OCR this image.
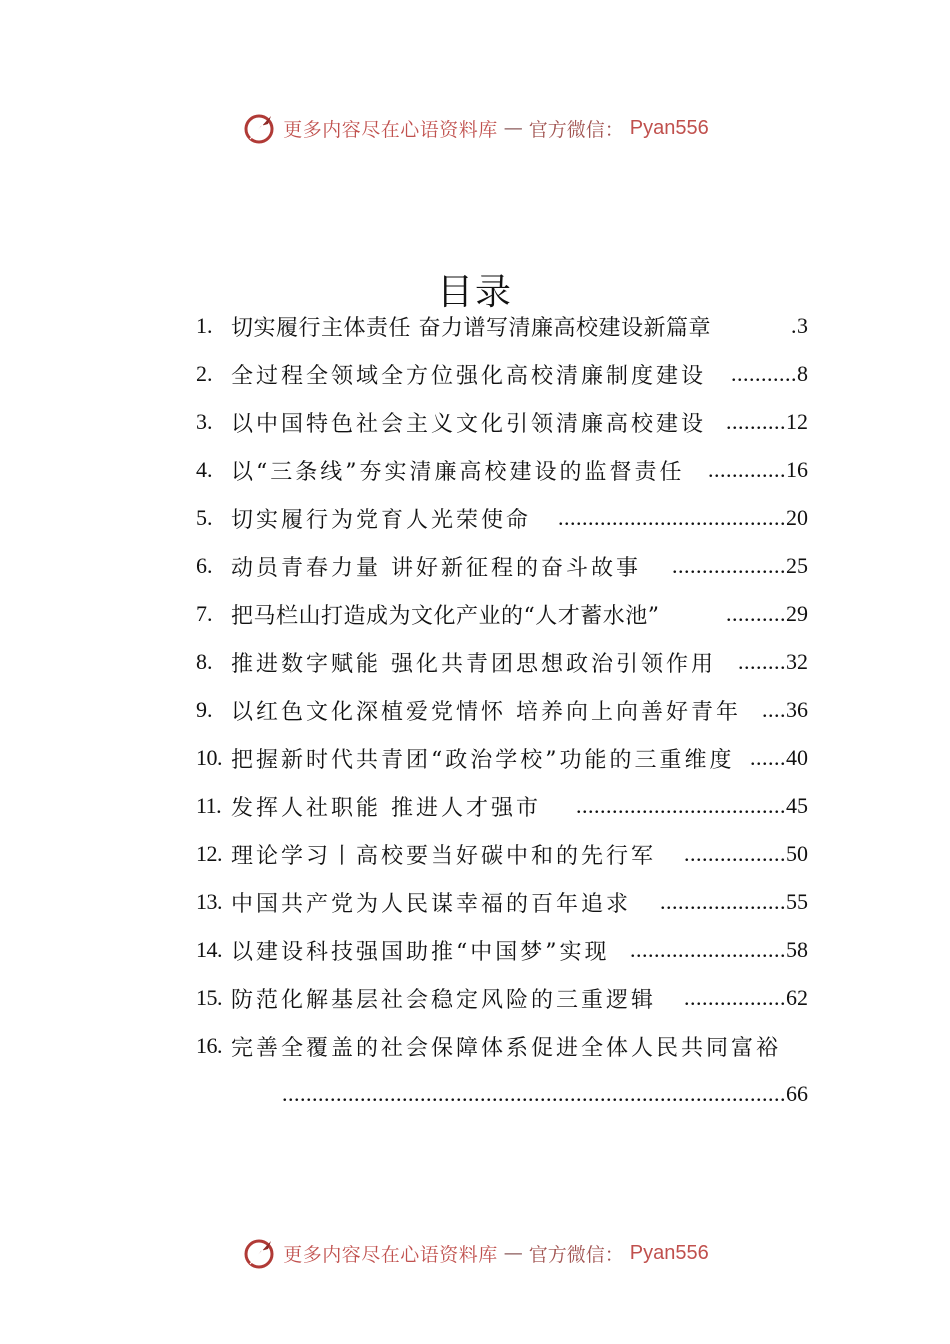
更多内容尽在心语资料库 — 官方微信： Pyan556
目录
1. 切实履行主体责任 奋力谱写清廉高校建设新篇章	. 3
2. 全过程全领域全方位强化高校清廉制度建设	........... 8
3. 以中国特色社会主义文化引领清廉高校建设 .......... 12
4. 以“三条线”夯实清廉高校建设的监督责任	............. 16
5. 切实履行为党育人光荣使命	...................................... 20
6. 动员青春力量 讲好新征程的奋斗故事	................... 25
7. 把马栏山打造成为文化产业的“人才蓄水池”	.......... 29
8. 推进数字赋能 强化共青团思想政治引领作用	........ 32
9. 以红色文化深植爱党情怀 培养向上向善好青年 .... 36
10. 把握新时代共青团“政治学校”功能的三重维度 ...... 40
11. 发挥人社职能 推进人才强市	................................... 45
12. 理论学习丨高校要当好碳中和的先行军	................. 50
13. 中国共产党为人民谋幸福的百年追求	..................... 55
14. 以建设科技强国助推“中国梦”实现 .......................... 58
15. 防范化解基层社会稳定风险的三重逻辑	................. 62
16. 完善全覆盖的社会保障体系促进全体人民共同富裕
.................................................................................... 66
更多内容尽在心语资料库 — 官方微信： Pyan556
